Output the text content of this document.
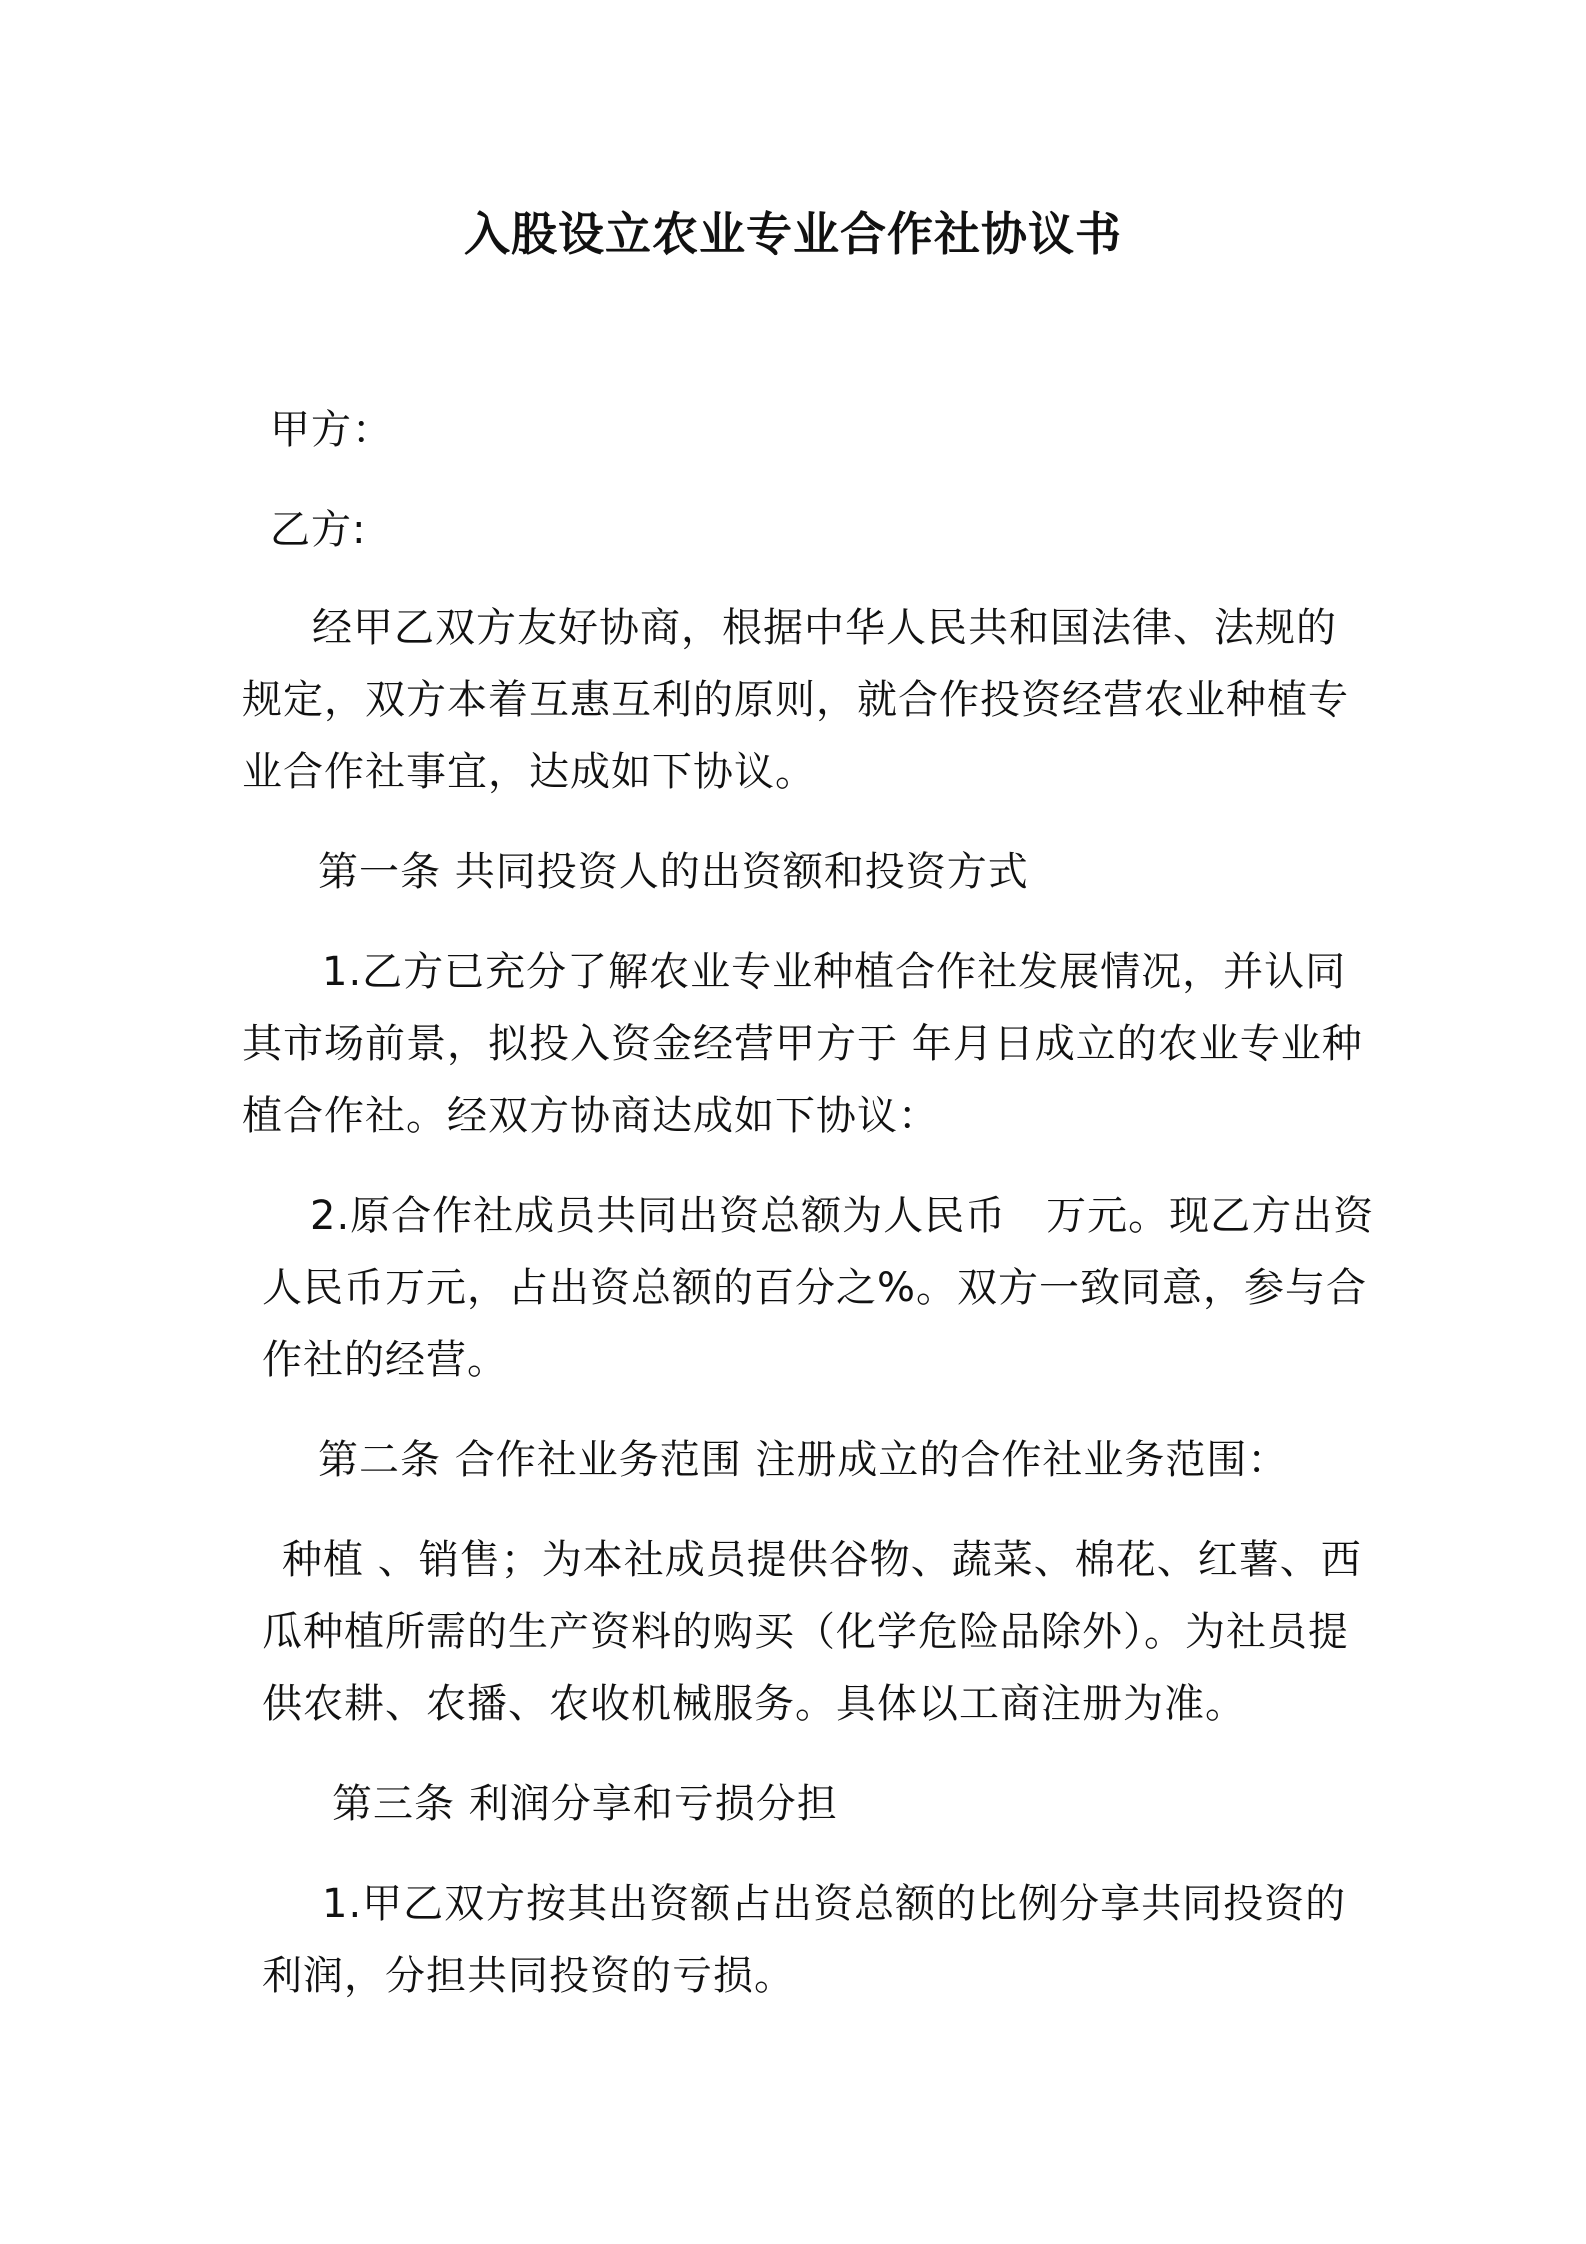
入股设立农业专业合作社协议书
甲方：
乙方:
经甲乙双方友好协商，根据中华人民共和国法律、法规的
规定，双方本着互惠互利的原则，就合作投资经营农业种植专
业合作社事宜，达成如下协议。
第一条 共同投资人的出资额和投资方式
1.乙方已充分了解农业专业种植合作社发展情况，并认同
其市场前景，拟投入资金经营甲方于 年月日成立的农业专业种
植合作社。经双方协商达成如下协议：
2.原合作社成员共同出资总额为人民币 万元。现乙方出资
人民币万元，占出资总额的百分之%。双方一致同意，参与合
作社的经营。
第二条 合作社业务范围 注册成立的合作社业务范围：
种植 、销售；为本社成员提供谷物、蔬菜、棉花、红薯、西
瓜种植所需的生产资料的购买（化学危险品除外）。为社员提
供农耕、农播、农收机械服务。具体以工商注册为准。
第三条 利润分享和亏损分担
1.甲乙双方按其出资额占出资总额的比例分享共同投资的
利润，分担共同投资的亏损。
